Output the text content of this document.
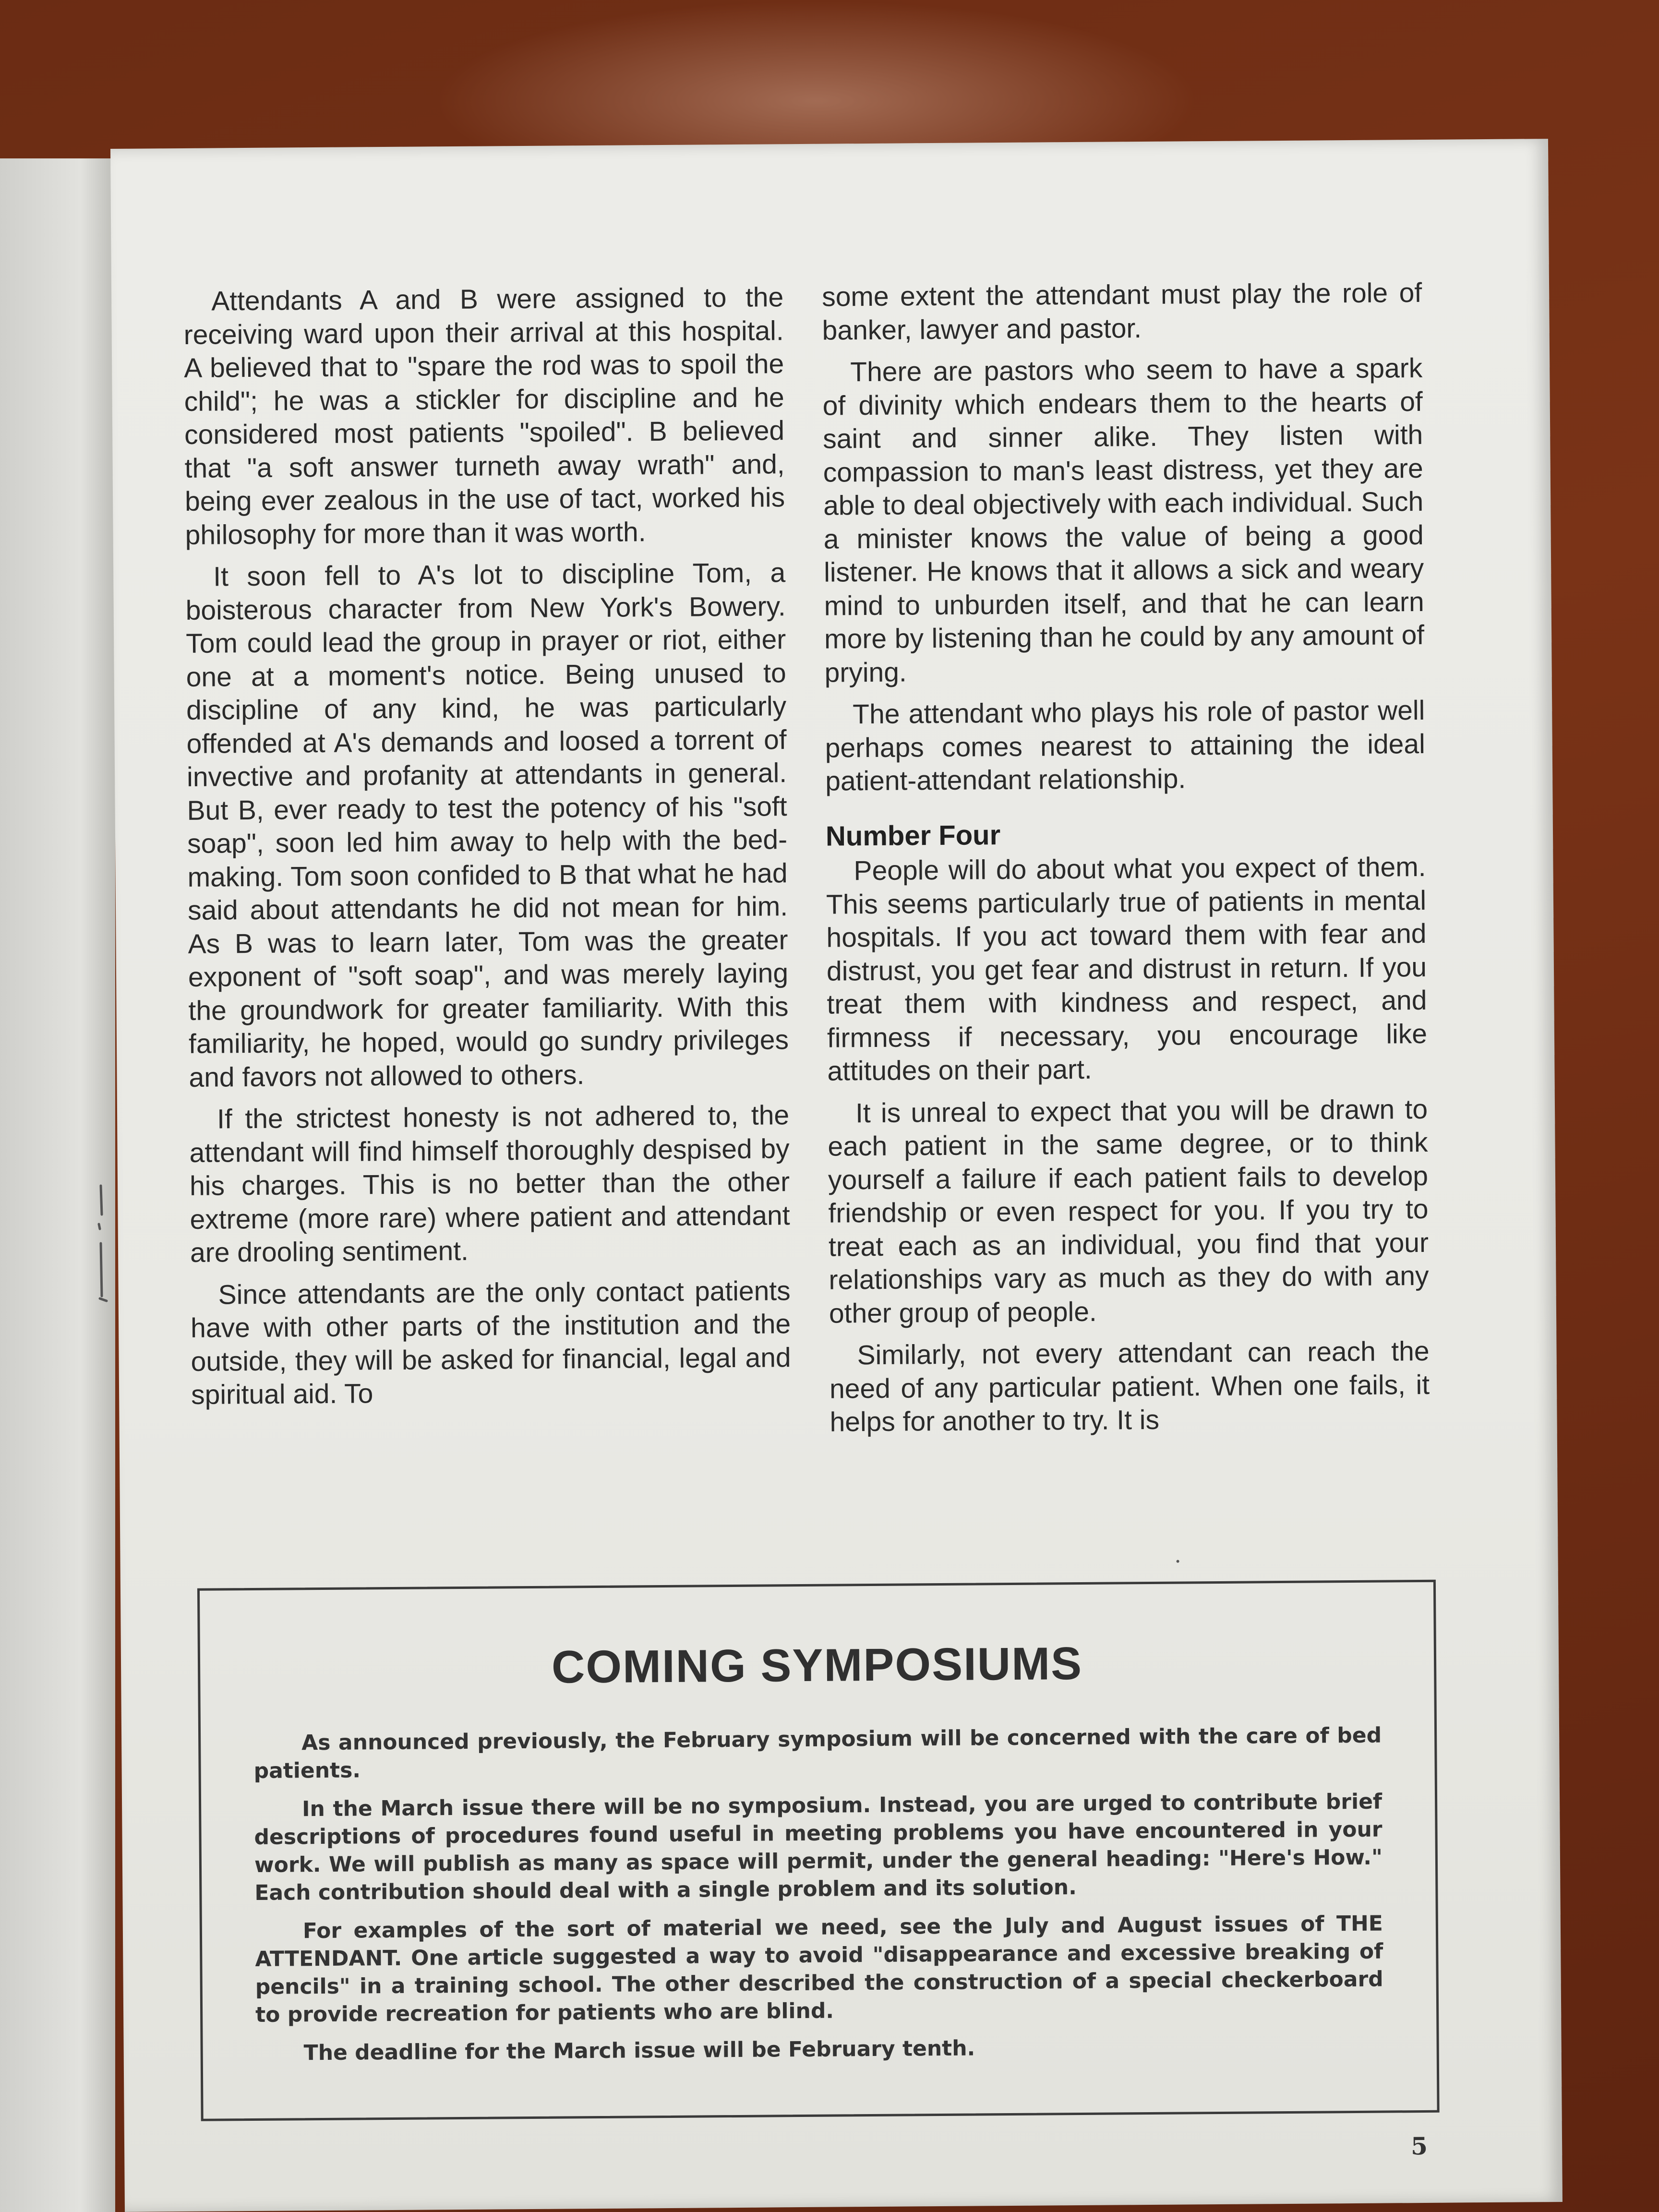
Attendants A and B were assigned to the receiving ward upon their arrival at this hospital. A believed that to "spare the rod was to spoil the child"; he was a stickler for discipline and he considered most patients "spoiled". B believed that "a soft answer turneth away wrath" and, being ever zealous in the use of tact, worked his philosophy for more than it was worth.

It soon fell to A's lot to discipline Tom, a boisterous character from New York's Bowery. Tom could lead the group in prayer or riot, either one at a moment's notice. Being unused to discipline of any kind, he was particularly offended at A's demands and loosed a torrent of invective and profanity at attendants in general. But B, ever ready to test the potency of his "soft soap", soon led him away to help with the bed-making. Tom soon confided to B that what he had said about attendants he did not mean for him. As B was to learn later, Tom was the greater exponent of "soft soap", and was merely laying the groundwork for greater familiarity. With this familiarity, he hoped, would go sundry privileges and favors not allowed to others.

If the strictest honesty is not adhered to, the attendant will find himself thoroughly despised by his charges. This is no better than the other extreme (more rare) where patient and attendant are drooling sentiment.

Since attendants are the only contact patients have with other parts of the institution and the outside, they will be asked for financial, legal and spiritual aid. To

some extent the attendant must play the role of banker, lawyer and pastor.

There are pastors who seem to have a spark of divinity which endears them to the hearts of saint and sinner alike. They listen with compassion to man's least distress, yet they are able to deal objectively with each individual. Such a minister knows the value of being a good listener. He knows that it allows a sick and weary mind to unburden itself, and that he can learn more by listening than he could by any amount of prying.

The attendant who plays his role of pastor well perhaps comes nearest to attaining the ideal patient-attendant relationship.

Number Four

People will do about what you expect of them. This seems particularly true of patients in mental hospitals. If you act toward them with fear and distrust, you get fear and distrust in return. If you treat them with kindness and respect, and firmness if necessary, you encourage like attitudes on their part.

It is unreal to expect that you will be drawn to each patient in the same degree, or to think yourself a failure if each patient fails to develop friendship or even respect for you. If you try to treat each as an individual, you find that your relationships vary as much as they do with any other group of people.

Similarly, not every attendant can reach the need of any particular patient. When one fails, it helps for another to try. It is

COMING SYMPOSIUMS

As announced previously, the February symposium will be concerned with the care of bed patients.

In the March issue there will be no symposium. Instead, you are urged to contribute brief descriptions of procedures found useful in meeting problems you have encountered in your work. We will publish as many as space will permit, under the general heading: "Here's How." Each contribution should deal with a single problem and its solution.

For examples of the sort of material we need, see the July and August issues of THE ATTENDANT. One article suggested a way to avoid "disappearance and excessive breaking of pencils" in a training school. The other described the construction of a special checkerboard to provide recreation for patients who are blind.

The deadline for the March issue will be February tenth.

5
